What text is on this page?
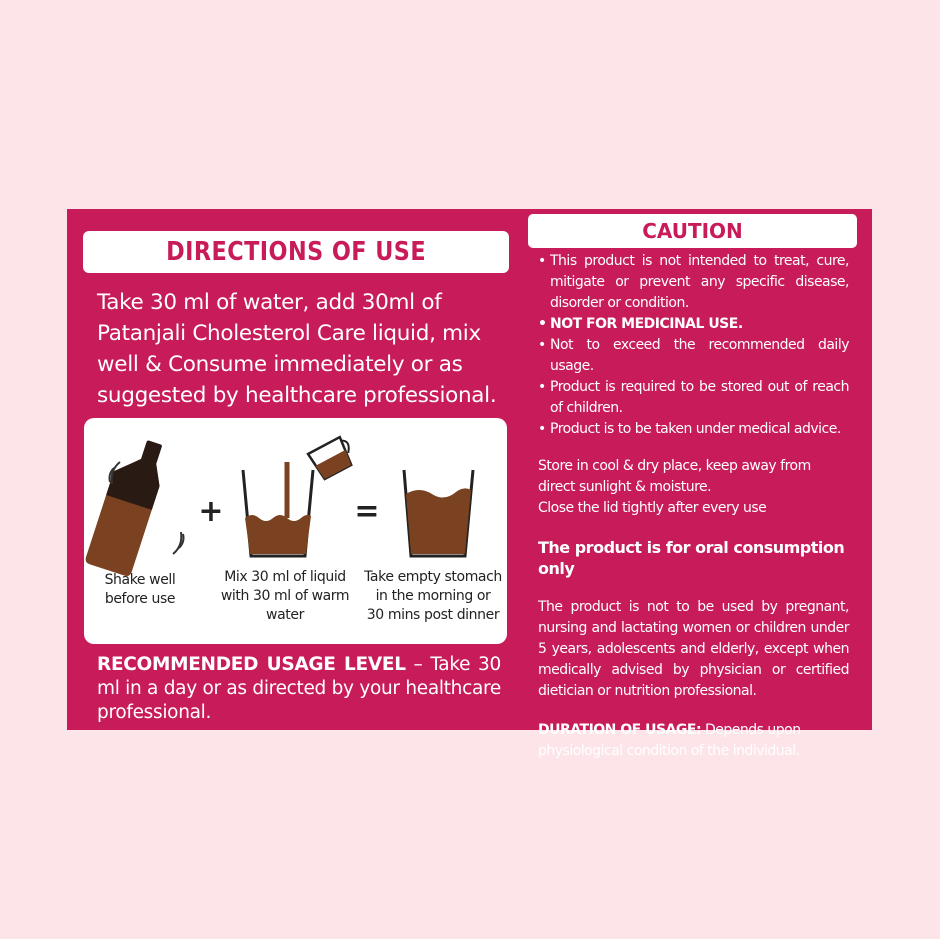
DIRECTIONS OF USE
Take 30 ml of water, add 30ml of Patanjali Cholesterol Care liquid, mix well & Consume immediately or as suggested by healthcare professional.
+	=
Shake well
before use
Mix 30 ml of liquid
with 30 ml of warm
water
Take empty stomach
in the morning or
30 mins post dinner
RECOMMENDED USAGE LEVEL – Take 30 ml in a day or as directed by your healthcare professional.
CAUTION
• This product is not intended to treat, cure, mitigate or prevent any specific disease, disorder or condition.
• NOT FOR MEDICINAL USE.
• Not to exceed the recommended daily usage.
• Product is required to be stored out of reach of children.
• Product is to be taken under medical advice.

Store in cool & dry place, keep away from direct sunlight & moisture.

Close the lid tightly after every use

The product is for oral consumption only

The product is not to be used by pregnant, nursing and lactating women or children under 5 years, adolescents and elderly, except when medically advised by physician or certified dietician or nutrition professional.

DURATION OF USAGE: Depends upon physiological condition of the individual.
